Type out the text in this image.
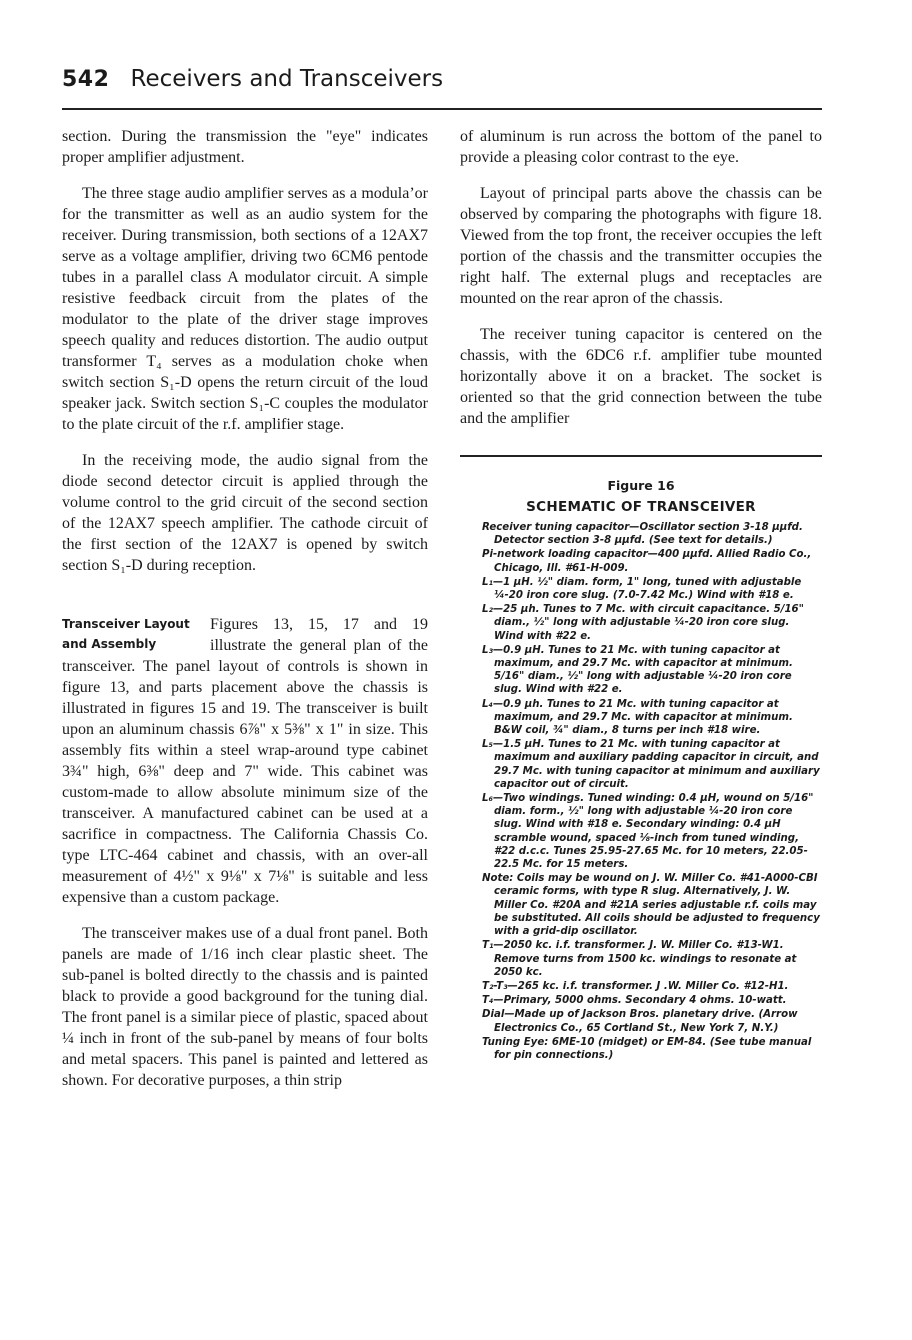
542 Receivers and Transceivers

section. During the transmission the "eye" indicates proper amplifier adjustment.

The three stage audio amplifier serves as a modula’or for the transmitter as well as an audio system for the receiver. During transmission, both sections of a 12AX7 serve as a voltage amplifier, driving two 6CM6 pentode tubes in a parallel class A modulator circuit. A simple resistive feedback circuit from the plates of the modulator to the plate of the driver stage improves speech quality and reduces distortion. The audio output transformer T₄ serves as a modulation choke when switch section S₁-D opens the return circuit of the loud speaker jack. Switch section S₁-C couples the modulator to the plate circuit of the r.f. amplifier stage.

In the receiving mode, the audio signal from the diode second detector circuit is applied through the volume control to the grid circuit of the second section of the 12AX7 speech amplifier. The cathode circuit of the first section of the 12AX7 is opened by switch section S₁-D during reception.

Transceiver Layout and Assembly

Figures 13, 15, 17 and 19 illustrate the general plan of the transceiver. The panel layout of controls is shown in figure 13, and parts placement above the chassis is illustrated in figures 15 and 19. The transceiver is built upon an aluminum chassis 6⅞" x 5⅜" x 1" in size. This assembly fits within a steel wrap-around type cabinet 3¾" high, 6⅜" deep and 7" wide. This cabinet was custom-made to allow absolute minimum size of the transceiver. A manufactured cabinet can be used at a sacrifice in compactness. The California Chassis Co. type LTC-464 cabinet and chassis, with an over-all measurement of 4½" x 9⅛" x 7⅛" is suitable and less expensive than a custom package.

The transceiver makes use of a dual front panel. Both panels are made of 1/16 inch clear plastic sheet. The sub-panel is bolted directly to the chassis and is painted black to provide a good background for the tuning dial. The front panel is a similar piece of plastic, spaced about ¼ inch in front of the sub-panel by means of four bolts and metal spacers. This panel is painted and lettered as shown. For decorative purposes, a thin strip

of aluminum is run across the bottom of the panel to provide a pleasing color contrast to the eye.

Layout of principal parts above the chassis can be observed by comparing the photographs with figure 18. Viewed from the top front, the receiver occupies the left portion of the chassis and the transmitter occupies the right half. The external plugs and receptacles are mounted on the rear apron of the chassis.

The receiver tuning capacitor is centered on the chassis, with the 6DC6 r.f. amplifier tube mounted horizontally above it on a bracket. The socket is oriented so that the grid connection between the tube and the amplifier

Figure 16
SCHEMATIC OF TRANSCEIVER
Receiver tuning capacitor—Oscillator section 3-18 μμfd. Detector section 3-8 μμfd. (See text for details.)
Pi-network loading capacitor—400 μμfd. Allied Radio Co., Chicago, Ill. #61-H-009.
L₁—1 μH. ½" diam. form, 1" long, tuned with adjustable ¼-20 iron core slug. (7.0-7.42 Mc.) Wind with #18 e.
L₂—25 μh. Tunes to 7 Mc. with circuit capacitance. 5/16" diam., ½" long with adjustable ¼-20 iron core slug. Wind with #22 e.
L₃—0.9 μH. Tunes to 21 Mc. with tuning capacitor at maximum, and 29.7 Mc. with capacitor at minimum. 5/16" diam., ½" long with adjustable ¼-20 iron core slug. Wind with #22 e.
L₄—0.9 μh. Tunes to 21 Mc. with tuning capacitor at maximum, and 29.7 Mc. with capacitor at minimum. B&W coil, ¾" diam., 8 turns per inch #18 wire.
L₅—1.5 μH. Tunes to 21 Mc. with tuning capacitor at maximum and auxiliary padding capacitor in circuit, and 29.7 Mc. with tuning capacitor at minimum and auxiliary capacitor out of circuit.
L₆—Two windings. Tuned winding: 0.4 μH, wound on 5/16" diam. form., ½" long with adjustable ¼-20 iron core slug. Wind with #18 e. Secondary winding: 0.4 μH scramble wound, spaced ⅛-inch from tuned winding, #22 d.c.c. Tunes 25.95-27.65 Mc. for 10 meters, 22.05-22.5 Mc. for 15 meters.
Note: Coils may be wound on J. W. Miller Co. #41-A000-CBI ceramic forms, with type R slug. Alternatively, J. W. Miller Co. #20A and #21A series adjustable r.f. coils may be substituted. All coils should be adjusted to frequency with a grid-dip oscillator.
T₁—2050 kc. i.f. transformer. J. W. Miller Co. #13-W1. Remove turns from 1500 kc. windings to resonate at 2050 kc.
T₂-T₃—265 kc. i.f. transformer. J .W. Miller Co. #12-H1.
T₄—Primary, 5000 ohms. Secondary 4 ohms. 10-watt.
Dial—Made up of Jackson Bros. planetary drive. (Arrow Electronics Co., 65 Cortland St., New York 7, N.Y.)
Tuning Eye: 6ME-10 (midget) or EM-84. (See tube manual for pin connections.)
